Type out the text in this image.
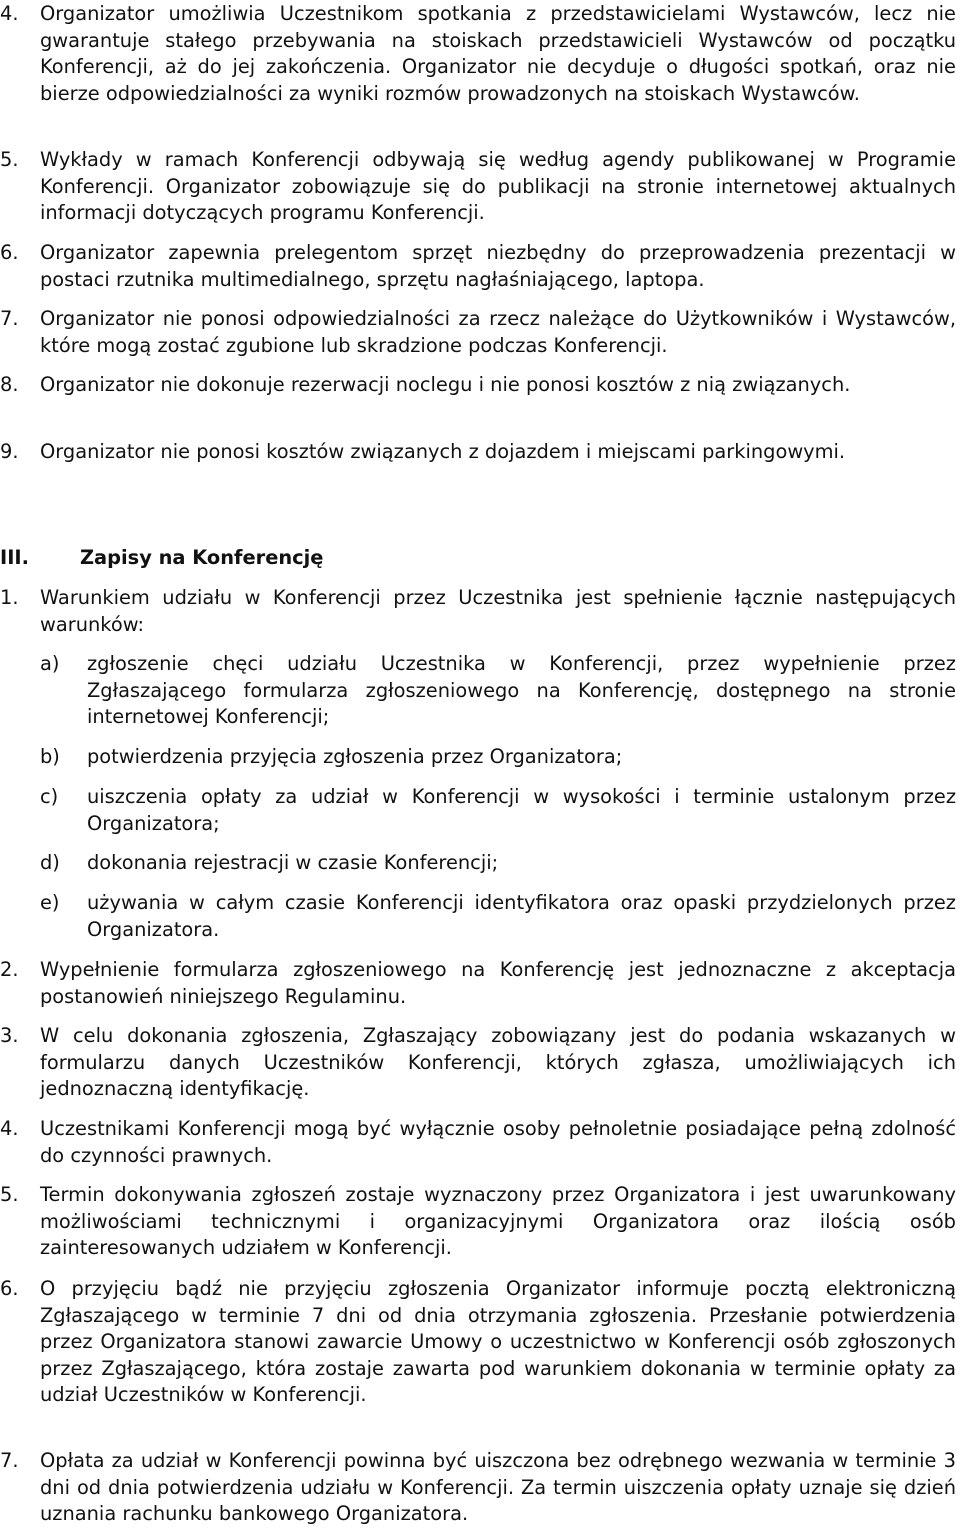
4. Organizator umożliwia Uczestnikom spotkania z przedstawicielami Wystawców, lecz nie gwarantuje stałego przebywania na stoiskach przedstawicieli Wystawców od początku Konferencji, aż do jej zakończenia. Organizator nie decyduje o długości spotkań, oraz nie bierze odpowiedzialności za wyniki rozmów prowadzonych na stoiskach Wystawców.
5. Wykłady w ramach Konferencji odbywają się według agendy publikowanej w Programie Konferencji. Organizator zobowiązuje się do publikacji na stronie internetowej aktualnych informacji dotyczących programu Konferencji.
6. Organizator zapewnia prelegentom sprzęt niezbędny do przeprowadzenia prezentacji w postaci rzutnika multimedialnego, sprzętu nagłaśniającego, laptopa.
7. Organizator nie ponosi odpowiedzialności za rzecz należące do Użytkowników i Wystawców, które mogą zostać zgubione lub skradzione podczas Konferencji.
8. Organizator nie dokonuje rezerwacji noclegu i nie ponosi kosztów z nią związanych.
9. Organizator nie ponosi kosztów związanych z dojazdem i miejscami parkingowymi.
III.	Zapisy na Konferencję
1. Warunkiem udziału w Konferencji przez Uczestnika jest spełnienie łącznie następujących warunków:
a) zgłoszenie chęci udziału Uczestnika w Konferencji, przez wypełnienie przez Zgłaszającego formularza zgłoszeniowego na Konferencję, dostępnego na stronie internetowej Konferencji;
b) potwierdzenia przyjęcia zgłoszenia przez Organizatora;
c) uiszczenia opłaty za udział w Konferencji w wysokości i terminie ustalonym przez Organizatora;
d) dokonania rejestracji w czasie Konferencji;
e) używania w całym czasie Konferencji identyfikatora oraz opaski przydzielonych przez Organizatora.
2. Wypełnienie formularza zgłoszeniowego na Konferencję jest jednoznaczne z akceptacja postanowień niniejszego Regulaminu.
3. W celu dokonania zgłoszenia, Zgłaszający zobowiązany jest do podania wskazanych w formularzu danych Uczestników Konferencji, których zgłasza, umożliwiających ich jednoznaczną identyfikację.
4. Uczestnikami Konferencji mogą być wyłącznie osoby pełnoletnie posiadające pełną zdolność do czynności prawnych.
5. Termin dokonywania zgłoszeń zostaje wyznaczony przez Organizatora i jest uwarunkowany możliwościami technicznymi i organizacyjnymi Organizatora oraz ilością osób zainteresowanych udziałem w Konferencji.
6. O przyjęciu bądź nie przyjęciu zgłoszenia Organizator informuje pocztą elektroniczną Zgłaszającego w terminie 7 dni od dnia otrzymania zgłoszenia. Przesłanie potwierdzenia przez Organizatora stanowi zawarcie Umowy o uczestnictwo w Konferencji osób zgłoszonych przez Zgłaszającego, która zostaje zawarta pod warunkiem dokonania w terminie opłaty za udział Uczestników w Konferencji.
7. Opłata za udział w Konferencji powinna być uiszczona bez odrębnego wezwania w terminie 3 dni od dnia potwierdzenia udziału w Konferencji. Za termin uiszczenia opłaty uznaje się dzień uznania rachunku bankowego Organizatora.
